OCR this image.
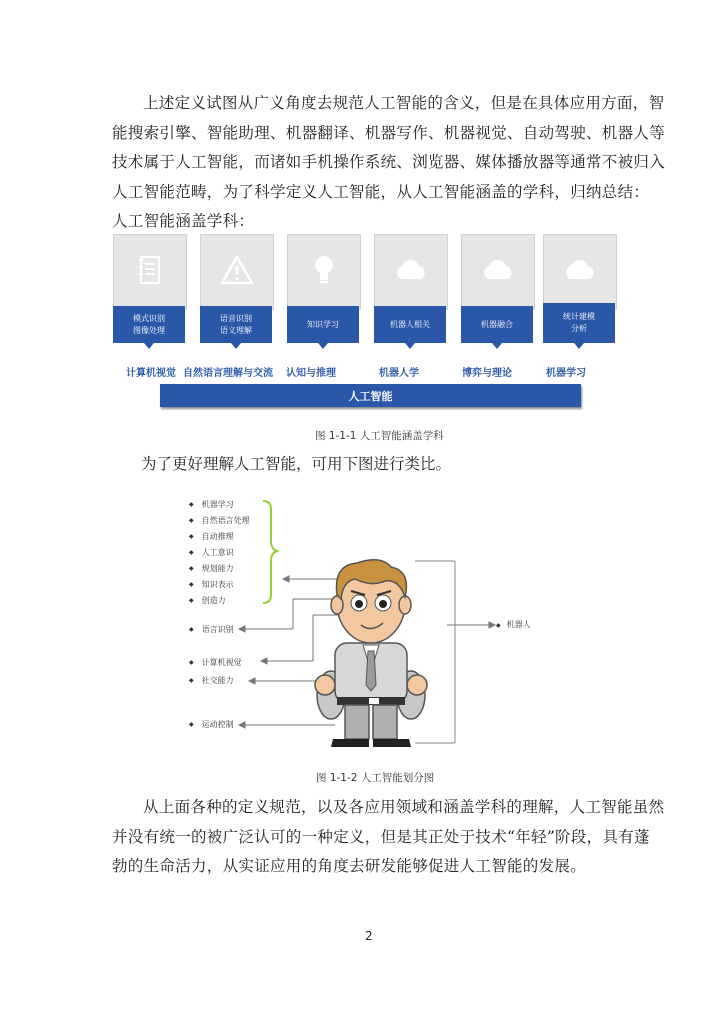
上述定义试图从广义角度去规范人工智能的含义，但是在具体应用方面，智
能搜索引擎、智能助理、机器翻译、机器写作、机器视觉、自动驾驶、机器人等
技术属于人工智能，而诸如手机操作系统、浏览器、媒体播放器等通常不被归入
人工智能范畴，为了科学定义人工智能，从人工智能涵盖的学科，归纳总结：
人工智能涵盖学科：
模式识别
图像处理
语音识别
语义理解
知识学习	机器人相关	机器融合
统计建模
分析
计算机视觉 自然语言理解与交流 认知与推理	机器人学	博弈与理论	机器学习
人工智能
图 1-1-1 人工智能涵盖学科
为了更好理解人工智能，可用下图进行类比。
◆ 机器学习
◆ 自然语言处理
◆ 自动推理
◆ 人工意识
◆ 规划能力
◆ 知识表示
◆ 创造力
◆ 语言识别
◆ 计算机视觉
◆ 社交能力
◆ 运动控制
◆ 机器人
图 1-1-2 人工智能划分图
从上面各种的定义规范，以及各应用领域和涵盖学科的理解，人工智能虽然
并没有统一的被广泛认可的一种定义，但是其正处于技术“年轻”阶段，具有蓬
勃的生命活力，从实证应用的角度去研发能够促进人工智能的发展。
2
